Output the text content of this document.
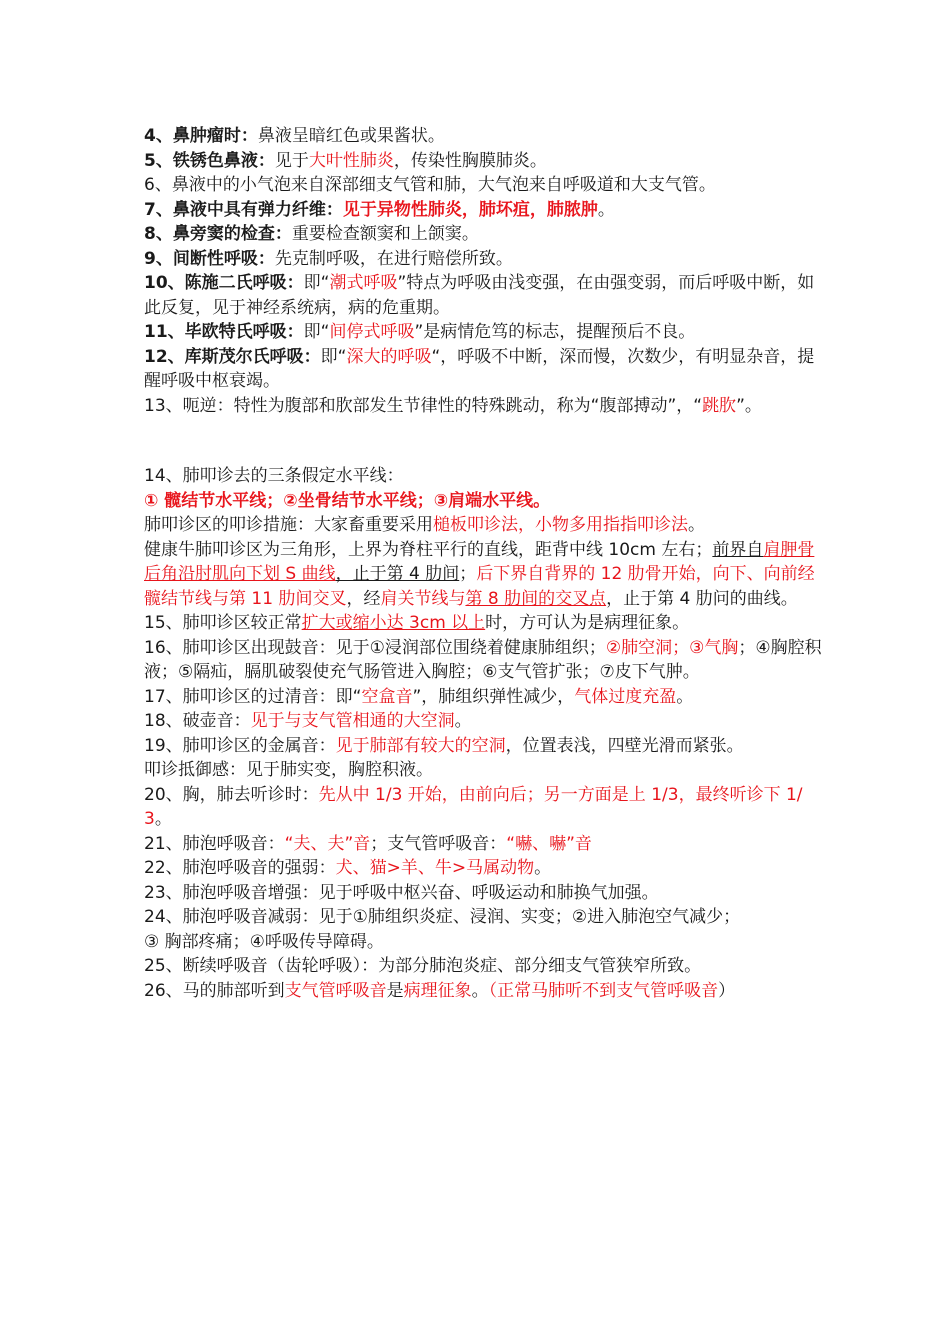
4、鼻肿瘤时：鼻液呈暗红色或果酱状。

5、铁锈色鼻液：见于大叶性肺炎，传染性胸膜肺炎。

6、鼻液中的小气泡来自深部细支气管和肺，大气泡来自呼吸道和大支气管。

7、鼻液中具有弹力纤维：见于异物性肺炎，肺坏疽，肺脓肿。

8、鼻旁窦的检查：重要检查额窦和上颌窦。

9、间断性呼吸：先克制呼吸，在进行赔偿所致。

10、陈施二氏呼吸：即“潮式呼吸”特点为呼吸由浅变强，在由强变弱，而后呼吸中断，如此反复，见于神经系统病，病的危重期。

11、毕欧特氏呼吸：即“间停式呼吸”是病情危笃的标志，提醒预后不良。

12、库斯茂尔氏呼吸：即“深大的呼吸“，呼吸不中断，深而慢，次数少，有明显杂音，提醒呼吸中枢衰竭。

13、呃逆：特性为腹部和肷部发生节律性的特殊跳动，称为“腹部搏动”，“跳肷”。

14、肺叩诊去的三条假定水平线：

① 髋结节水平线；②坐骨结节水平线；③肩端水平线。

肺叩诊区的叩诊措施：大家畜重要采用槌板叩诊法，小物多用指指叩诊法。

健康牛肺叩诊区为三角形，上界为脊柱平行的直线，距背中线 10cm 左右；前界自肩胛骨后角沿肘肌向下划 S 曲线，止于第 4 肋间；后下界自背界的 12 肋骨开始，向下、向前经髋结节线与第 11 肋间交叉，经肩关节线与第 8 肋间的交叉点，止于第 4 肋问的曲线。

15、肺叩诊区较正常扩大或缩小达 3cm 以上时，方可认为是病理征象。

16、肺叩诊区出现鼓音：见于①浸润部位围绕着健康肺组织；②肺空洞；③气胸；④胸腔积液；⑤隔疝，膈肌破裂使充气肠管进入胸腔；⑥支气管扩张；⑦皮下气肿。

17、肺叩诊区的过清音：即“空盒音”，肺组织弹性减少，气体过度充盈。

18、破壶音：见于与支气管相通的大空洞。

19、肺叩诊区的金属音：见于肺部有较大的空洞，位置表浅，四壁光滑而紧张。

叩诊抵御感：见于肺实变，胸腔积液。

20、胸，肺去听诊时：先从中 1/3 开始，由前向后；另一方面是上 1/3，最终听诊下 1/3。

21、肺泡呼吸音：“夫、夫”音；支气管呼吸音：“嚇、嚇”音

22、肺泡呼吸音的强弱：犬、猫>羊、牛>马属动物。

23、肺泡呼吸音增强：见于呼吸中枢兴奋、呼吸运动和肺换气加强。

24、肺泡呼吸音减弱：见于①肺组织炎症、浸润、实变；②进入肺泡空气减少；

③ 胸部疼痛；④呼吸传导障碍。

25、断续呼吸音（齿轮呼吸）：为部分肺泡炎症、部分细支气管狭窄所致。

26、马的肺部听到支气管呼吸音是病理征象。（正常马肺听不到支气管呼吸音）
